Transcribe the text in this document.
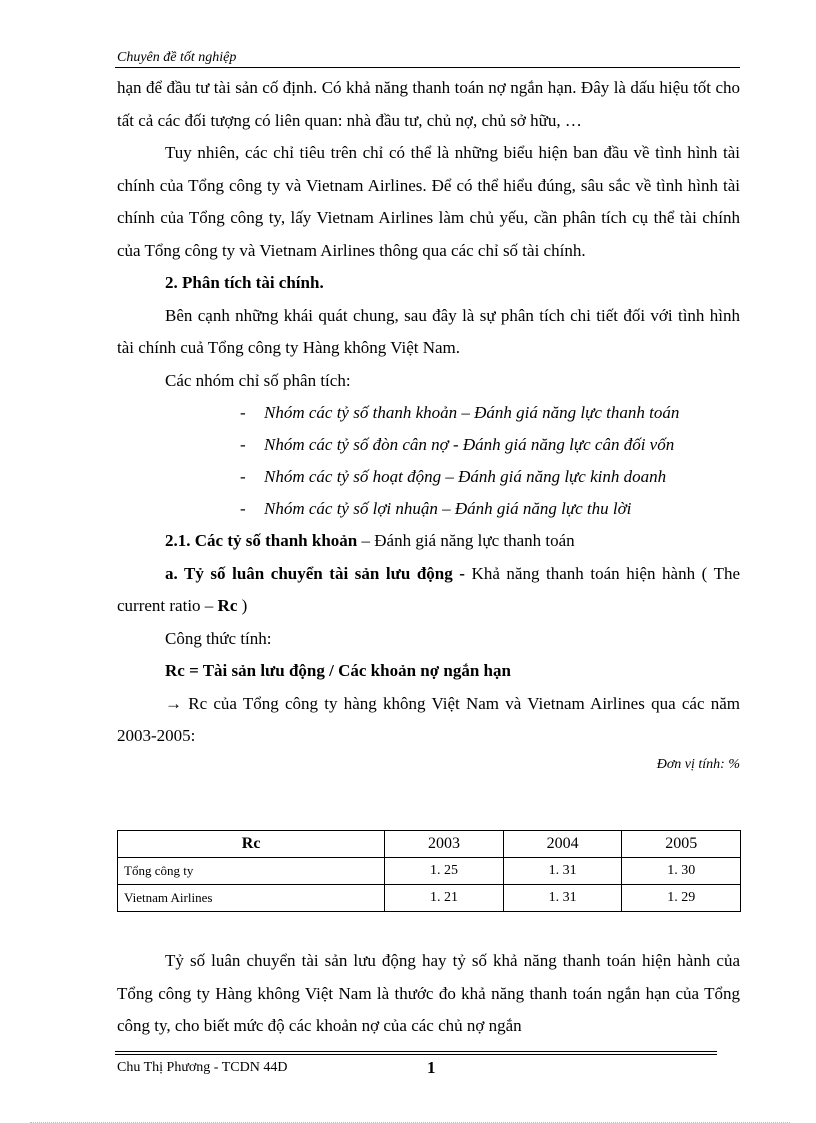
Chuyên đề tốt nghiệp

hạn để đầu tư tài sản cố định. Có khả năng thanh toán nợ ngắn hạn. Đây là dấu hiệu tốt cho tất cả các đối tượng có liên quan: nhà đầu tư, chủ nợ, chủ sở hữu, …

Tuy nhiên, các chỉ tiêu trên chỉ có thể là những biểu hiện ban đầu về tình hình tài chính của Tổng công ty và Vietnam Airlines. Để có thể hiểu đúng, sâu sắc về tình hình tài chính của Tổng công ty, lấy Vietnam Airlines làm chủ yếu, cần phân tích cụ thể tài chính của Tổng công ty và Vietnam Airlines thông qua các chỉ số tài chính.

2. Phân tích tài chính.

Bên cạnh những khái quát chung, sau đây là sự phân tích chi tiết đối với tình hình tài chính cuả Tổng công ty Hàng không Việt Nam.

Các nhóm chỉ số phân tích:

- Nhóm các tỷ số thanh khoản – Đánh giá năng lực thanh toán
- Nhóm các tỷ số đòn cân nợ - Đánh giá năng lực cân đối vốn
- Nhóm các tỷ số hoạt động – Đánh giá năng lực kinh doanh
- Nhóm các tỷ số lợi nhuận – Đánh giá năng lực thu lời

2.1. Các tỷ số thanh khoản – Đánh giá năng lực thanh toán

a. Tỷ số luân chuyển tài sản lưu động - Khả năng thanh toán hiện hành ( The current ratio – Rc )

Công thức tính:

Rc = Tài sản lưu động / Các khoản nợ ngắn hạn

→ Rc của Tổng công ty hàng không Việt Nam và Vietnam Airlines qua các năm 2003-2005:

Đơn vị tính: %
Rc	2003	2004	2005
Tổng công ty	1. 25	1. 31	1. 30
Vietnam Airlines	1. 21	1. 31	1. 29

Tỷ số luân chuyển tài sản lưu động hay tỷ số khả năng thanh toán hiện hành của Tổng công ty Hàng không Việt Nam là thước đo khả năng thanh toán ngắn hạn của Tổng công ty, cho biết mức độ các khoản nợ của các chủ nợ ngắn

Chu Thị Phương - TCDN 44D	1
